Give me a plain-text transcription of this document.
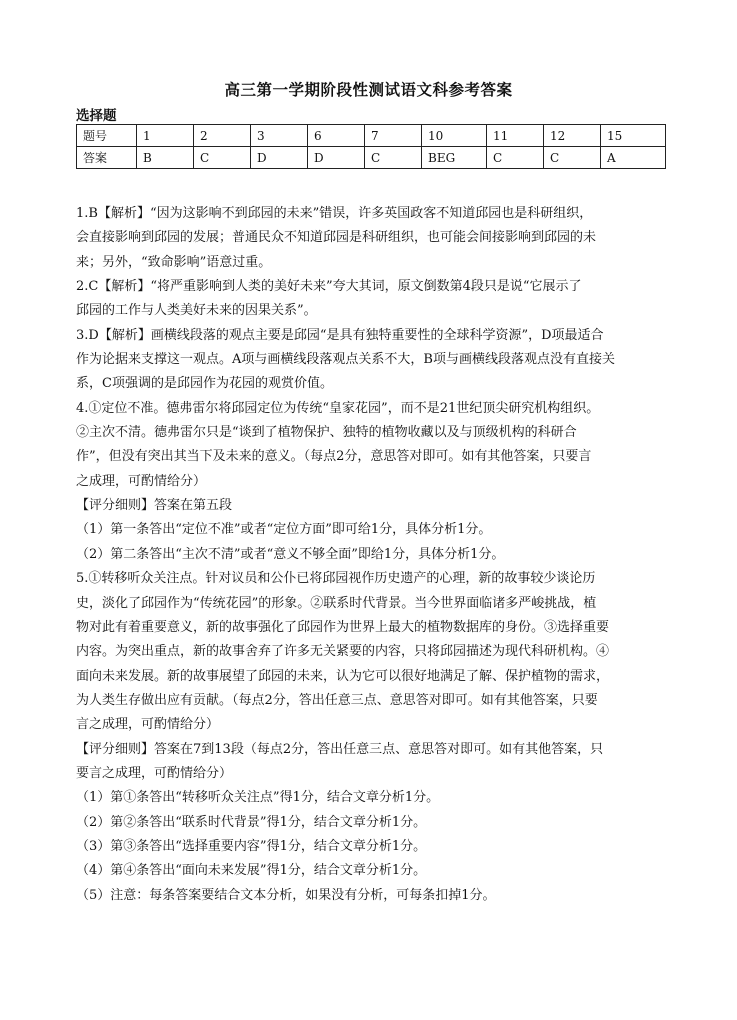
高三第一学期阶段性测试语文科参考答案
选择题
题号	1	2	3	6	7	10	11	12	15
答案	B	C	D	D	C	BEG	C	C	A

1.B【解析】“因为这影响不到邱园的未来”错误，许多英国政客不知道邱园也是科研组织，

会直接影响到邱园的发展；普通民众不知道邱园是科研组织，也可能会间接影响到邱园的未

来；另外，“致命影响”语意过重。

2.C【解析】“将严重影响到人类的美好未来”夸大其词，原文倒数第4段只是说“它展示了

邱园的工作与人类美好未来的因果关系”。

3.D【解析】画横线段落的观点主要是邱园“是具有独特重要性的全球科学资源”，D项最适合

作为论据来支撑这一观点。A项与画横线段落观点关系不大，B项与画横线段落观点没有直接关

系，C项强调的是邱园作为花园的观赏价值。

4.①定位不准。德弗雷尔将邱园定位为传统“皇家花园”，而不是21世纪顶尖研究机构组织。

②主次不清。德弗雷尔只是“谈到了植物保护、独特的植物收藏以及与顶级机构的科研合

作”，但没有突出其当下及未来的意义。（每点2分，意思答对即可。如有其他答案，只要言

之成理，可酌情给分）

【评分细则】答案在第五段

（1）第一条答出“定位不准”或者“定位方面”即可给1分，具体分析1分。

（2）第二条答出“主次不清”或者“意义不够全面”即给1分，具体分析1分。

5.①转移听众关注点。针对议员和公仆已将邱园视作历史遗产的心理，新的故事较少谈论历

史，淡化了邱园作为“传统花园”的形象。②联系时代背景。当今世界面临诸多严峻挑战，植

物对此有着重要意义，新的故事强化了邱园作为世界上最大的植物数据库的身份。③选择重要

内容。为突出重点，新的故事舍弃了许多无关紧要的内容，只将邱园描述为现代科研机构。④

面向未来发展。新的故事展望了邱园的未来，认为它可以很好地满足了解、保护植物的需求，

为人类生存做出应有贡献。（每点2分，答出任意三点、意思答对即可。如有其他答案，只要

言之成理，可酌情给分）

【评分细则】答案在7到13段（每点2分，答出任意三点、意思答对即可。如有其他答案，只

要言之成理，可酌情给分）

（1）第①条答出“转移听众关注点”得1分，结合文章分析1分。

（2）第②条答出“联系时代背景”得1分，结合文章分析1分。

（3）第③条答出“选择重要内容”得1分，结合文章分析1分。

（4）第④条答出“面向未来发展”得1分，结合文章分析1分。

（5）注意：每条答案要结合文本分析，如果没有分析，可每条扣掉1分。
